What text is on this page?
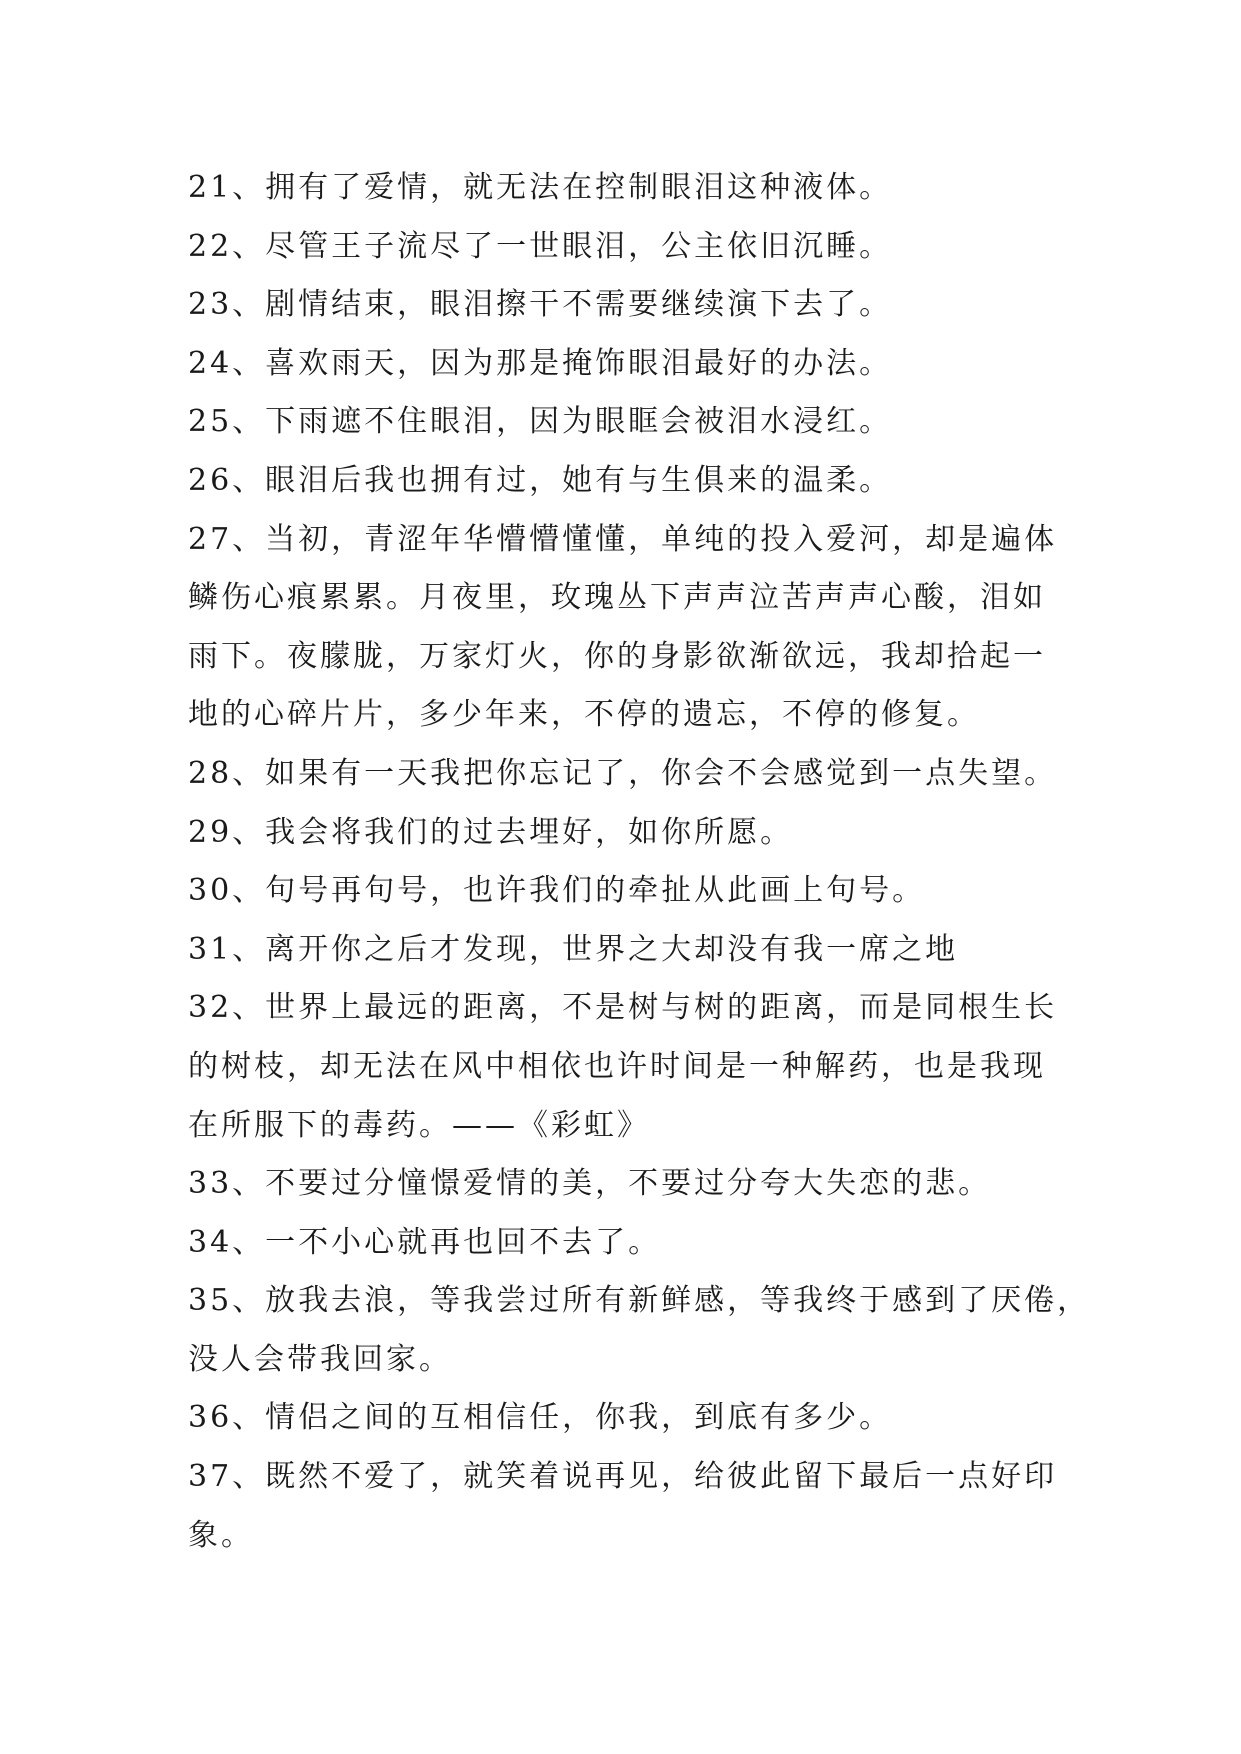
21、拥有了爱情，就无法在控制眼泪这种液体。
22、尽管王子流尽了一世眼泪，公主依旧沉睡。
23、剧情结束，眼泪擦干不需要继续演下去了。
24、喜欢雨天，因为那是掩饰眼泪最好的办法。
25、下雨遮不住眼泪，因为眼眶会被泪水浸红。
26、眼泪后我也拥有过，她有与生俱来的温柔。
27、当初，青涩年华懵懵懂懂，单纯的投入爱河，却是遍体
鳞伤心痕累累。月夜里，玫瑰丛下声声泣苦声声心酸，泪如
雨下。夜朦胧，万家灯火，你的身影欲渐欲远，我却拾起一
地的心碎片片，多少年来，不停的遗忘，不停的修复。
28、如果有一天我把你忘记了，你会不会感觉到一点失望。
29、我会将我们的过去埋好，如你所愿。
30、句号再句号，也许我们的牵扯从此画上句号。
31、离开你之后才发现，世界之大却没有我一席之地
32、世界上最远的距离，不是树与树的距离，而是同根生长
的树枝，却无法在风中相依也许时间是一种解药，也是我现
在所服下的毒药。——《彩虹》
33、不要过分憧憬爱情的美，不要过分夸大失恋的悲。
34、一不小心就再也回不去了。
35、放我去浪，等我尝过所有新鲜感，等我终于感到了厌倦，
没人会带我回家。
36、情侣之间的互相信任，你我，到底有多少。
37、既然不爱了，就笑着说再见，给彼此留下最后一点好印
象。
